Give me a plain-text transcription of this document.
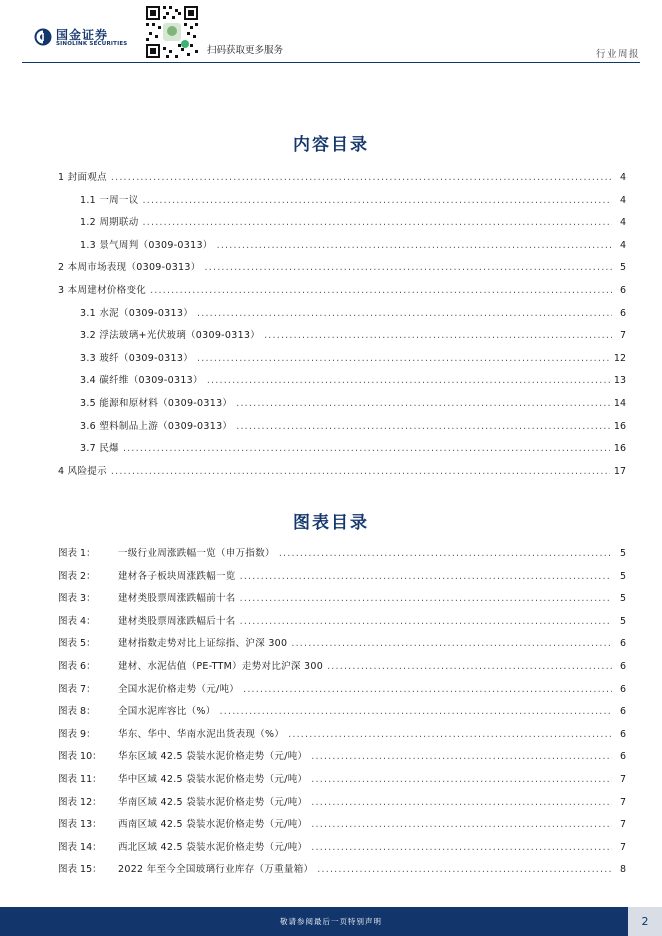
国金证券
SINOLINK SECURITIES
扫码获取更多服务	行业周报
内容目录
1 封面观点 .....	4
1.1 一周一议 .....	4
1.2 周期联动 .....	4
1.3 景气周判（0309-0313） .....	4
2 本周市场表现（0309-0313） .....	5
3 本周建材价格变化 .....	6
3.1 水泥（0309-0313） .....	6
3.2 浮法玻璃+光伏玻璃（0309-0313） .....	7
3.3 玻纤（0309-0313） .....	12
3.4 碳纤维（0309-0313） .....	13
3.5 能源和原材料（0309-0313） .....	14
3.6 塑料制品上游（0309-0313） .....	16
3.7 民爆 .....	16
4 风险提示 .....	17
图表目录
图表 1：	一级行业周涨跌幅一览（申万指数） .....	5
图表 2：	建材各子板块周涨跌幅一览 .....	5
图表 3：	建材类股票周涨跌幅前十名 .....	5
图表 4：	建材类股票周涨跌幅后十名 .....	5
图表 5：	建材指数走势对比上证综指、沪深 300 .....	6
图表 6：	建材、水泥估值（PE-TTM）走势对比沪深 300 .....	6
图表 7：	全国水泥价格走势（元/吨） .....	6
图表 8：	全国水泥库容比（%） .....	6
图表 9：	华东、华中、华南水泥出货表现（%） .....	6
图表 10：	华东区域 42.5 袋装水泥价格走势（元/吨） .....	6
图表 11：	华中区域 42.5 袋装水泥价格走势（元/吨） .....	7
图表 12：	华南区域 42.5 袋装水泥价格走势（元/吨） .....	7
图表 13：	西南区域 42.5 袋装水泥价格走势（元/吨） .....	7
图表 14：	西北区域 42.5 袋装水泥价格走势（元/吨） .....	7
图表 15：	2022 年至今全国玻璃行业库存（万重量箱） .....	8
敬请参阅最后一页特别声明	2
